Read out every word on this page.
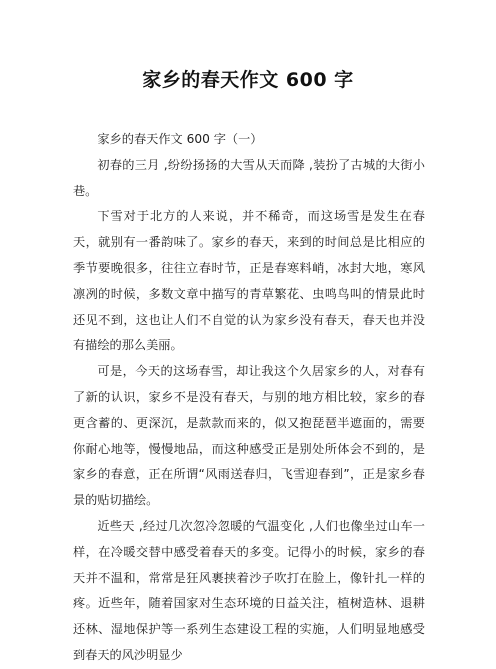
家乡的春天作文 600 字

家乡的春天作文 600 字（一）

初春的三月 ,纷纷扬扬的大雪从天而降 ,装扮了古城的大街小巷。

下雪对于北方的人来说，并不稀奇，而这场雪是发生在春天，就别有一番韵味了。家乡的春天，来到的时间总是比相应的季节要晚很多，往往立春时节，正是春寒料峭，冰封大地，寒风凛冽的时候，多数文章中描写的青草繁花、虫鸣鸟叫的情景此时还见不到，这也让人们不自觉的认为家乡没有春天，春天也并没有描绘的那么美丽。

可是，今天的这场春雪，却让我这个久居家乡的人，对春有了新的认识，家乡不是没有春天，与别的地方相比较，家乡的春更含蓄的、更深沉，是款款而来的，似又抱琵琶半遮面的，需要你耐心地等，慢慢地品，而这种感受正是别处所体会不到的，是家乡的春意，正在所谓“风雨送春归，飞雪迎春到”，正是家乡春景的贴切描绘。

近些天 ,经过几次忽冷忽暖的气温变化 ,人们也像坐过山车一样，在冷暖交替中感受着春天的多变。记得小的时候，家乡的春天并不温和，常常是狂风裹挟着沙子吹打在脸上，像针扎一样的疼。近些年，随着国家对生态环境的日益关注，植树造林、退耕还林、湿地保护等一系列生态建设工程的实施，人们明显地感受到春天的风沙明显少
